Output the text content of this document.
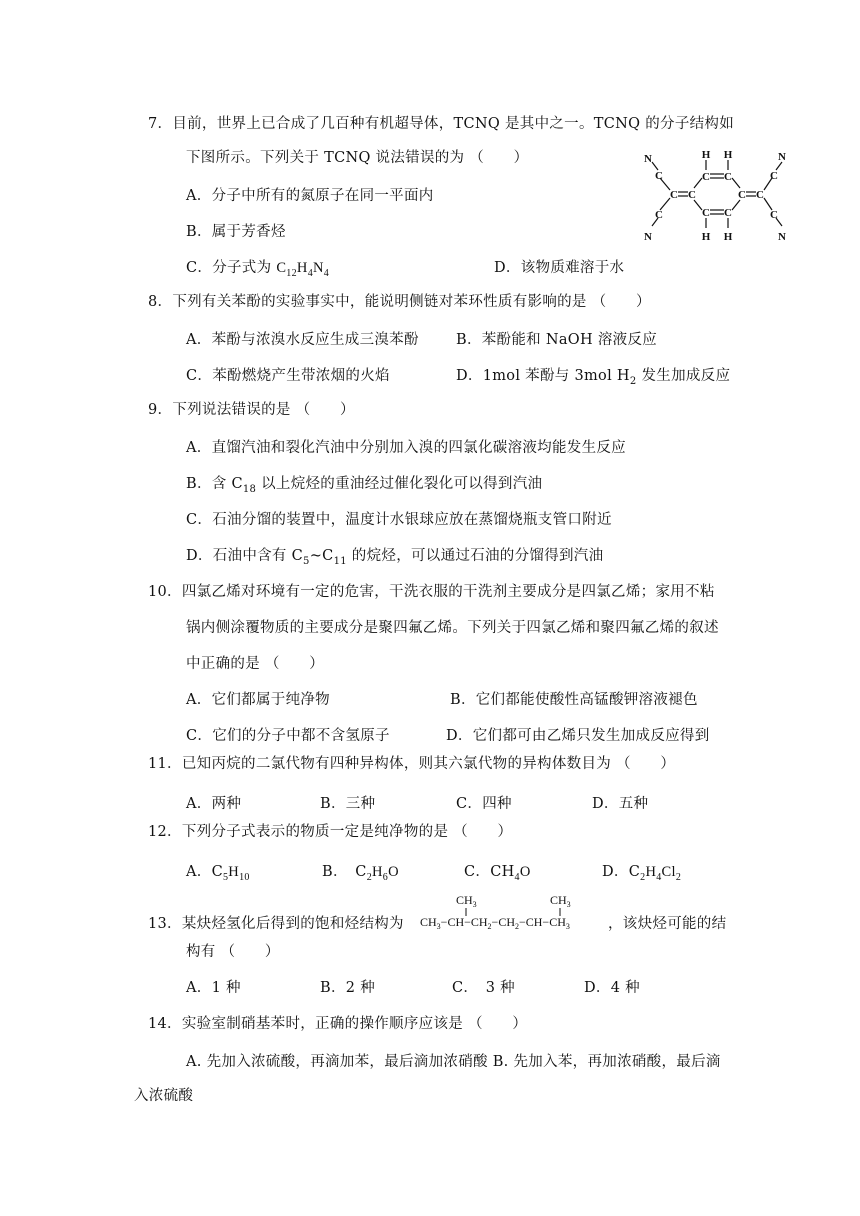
7．目前，世界上已合成了几百种有机超导体，TCNQ 是其中之一。TCNQ 的分子结构如
下图所示。下列关于 TCNQ 说法错误的为 （　　）
A．分子中所有的氮原子在同一平面内
B．属于芳香烃
C．分子式为 $C_{12}H_4N_4$	D．该物质难溶于水
N
C
C C
H
C
H
C
C C
C
N
C
N
C
H
C
H
C
N
8．下列有关苯酚的实验事实中，能说明侧链对苯环性质有影响的是 （　　）
A．苯酚与浓溴水反应生成三溴苯酚	B．苯酚能和 NaOH 溶液反应
C．苯酚燃烧产生带浓烟的火焰	D．1mol 苯酚与 3mol $H_2$ 发生加成反应
9．下列说法错误的是 （　　）
A．直馏汽油和裂化汽油中分别加入溴的四氯化碳溶液均能发生反应
B．含 $C_{18}$ 以上烷烃的重油经过催化裂化可以得到汽油
C．石油分馏的装置中，温度计水银球应放在蒸馏烧瓶支管口附近
D．石油中含有 $C_5\sim C_{11}$ 的烷烃，可以通过石油的分馏得到汽油
10．四氯乙烯对环境有一定的危害，干洗衣服的干洗剂主要成分是四氯乙烯；家用不粘
锅内侧涂覆物质的主要成分是聚四氟乙烯。下列关于四氯乙烯和聚四氟乙烯的叙述
中正确的是 （　　）
A．它们都属于纯净物	B．它们都能使酸性高锰酸钾溶液褪色
C．它们的分子中都不含氢原子	D．它们都可由乙烯只发生加成反应得到
11．已知丙烷的二氯代物有四种异构体，则其六氯代物的异构体数目为 （　　）
A．两种	B．三种	C．四种	D．五种
12．下列分子式表示的物质一定是纯净物的是 （　　）
A．$C_5H_{10}$	B．　$C_2H_6O$	C．$CH_4O$	D．$C_2H_4Cl_2$
13．某炔烃氢化后得到的饱和烃结构为	，该炔烃可能的结
构有 （　　）
$CH_3$	$CH_3$
$CH_3-CH-CH_2-CH_2-CH-CH_3$
A．1 种	B．2 种	C．　3 种	D．4 种
14．实验室制硝基苯时，正确的操作顺序应该是 （　　）
A. 先加入浓硫酸，再滴加苯，最后滴加浓硝酸 B. 先加入苯，再加浓硝酸，最后滴
入浓硫酸
